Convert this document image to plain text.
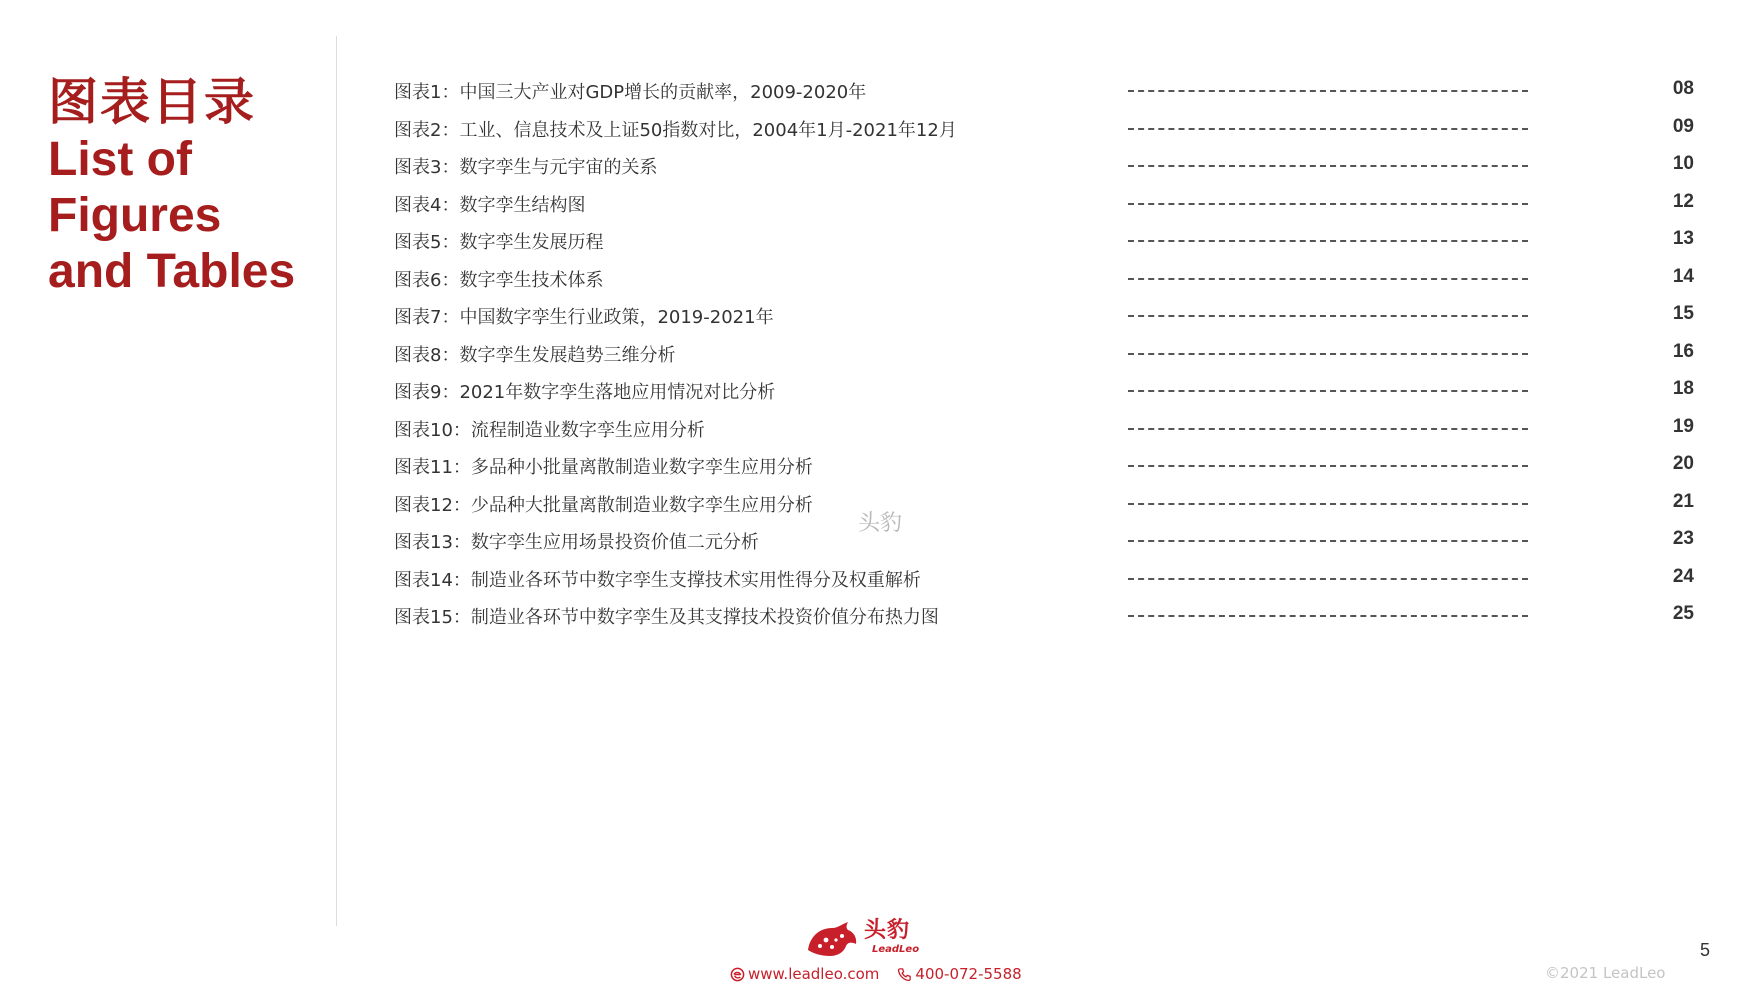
图表目录
List of
Figures
and Tables
图表1：中国三大产业对GDP增长的贡献率，2009-2020年	08
图表2：工业、信息技术及上证50指数对比，2004年1月-2021年12月	09
图表3：数字孪生与元宇宙的关系	10
图表4：数字孪生结构图	12
图表5：数字孪生发展历程	13
图表6：数字孪生技术体系	14
图表7：中国数字孪生行业政策，2019-2021年	15
图表8：数字孪生发展趋势三维分析	16
图表9：2021年数字孪生落地应用情况对比分析	18
图表10：流程制造业数字孪生应用分析	19
图表11：多品种小批量离散制造业数字孪生应用分析	20
图表12：少品种大批量离散制造业数字孪生应用分析	21
图表13：数字孪生应用场景投资价值二元分析	23
图表14：制造业各环节中数字孪生支撑技术实用性得分及权重解析	24
图表15：制造业各环节中数字孪生及其支撑技术投资价值分布热力图	25
头豹
头豹
LeadLeo
www.leadleo.com 400-072-5588	©2021 LeadLeo
5
